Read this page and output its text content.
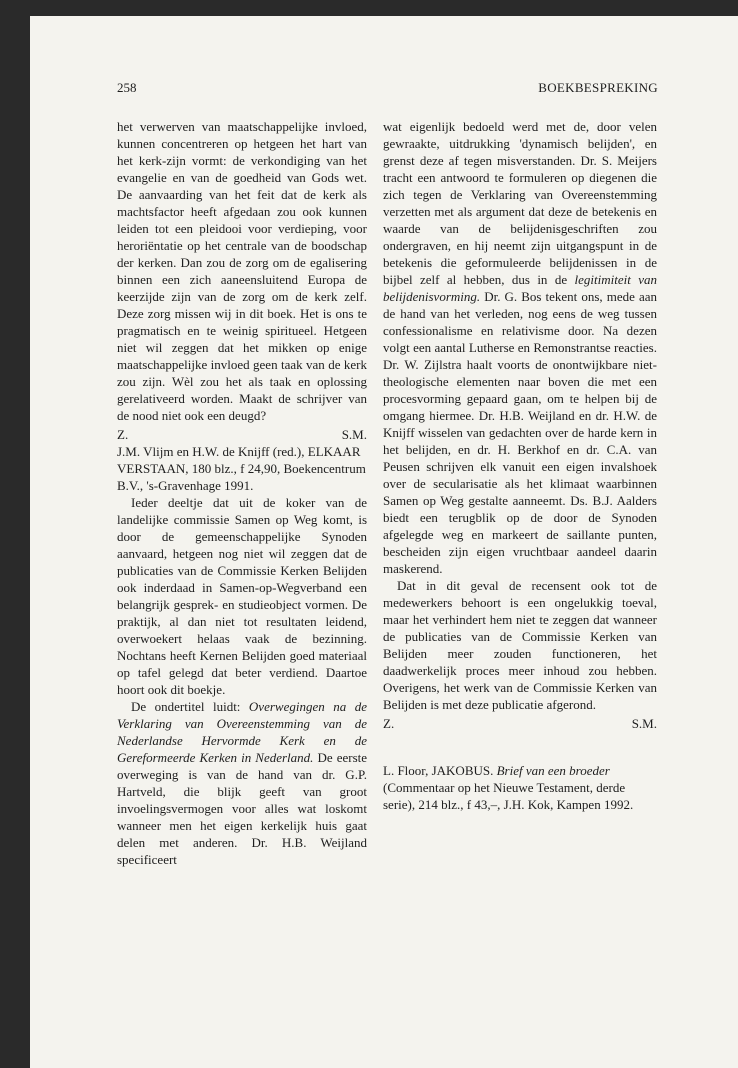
258	BOEKBESPREKING

het verwerven van maatschappelijke invloed, kunnen concentreren op hetgeen het hart van het kerk-zijn vormt: de verkondiging van het evangelie en van de goedheid van Gods wet. De aanvaarding van het feit dat de kerk als machtsfactor heeft afgedaan zou ook kunnen leiden tot een pleidooi voor verdieping, voor heroriëntatie op het centrale van de boodschap der kerken. Dan zou de zorg om de egalisering binnen een zich aaneensluitend Europa de keerzijde zijn van de zorg om de kerk zelf. Deze zorg missen wij in dit boek. Het is ons te pragmatisch en te weinig spiritueel. Hetgeen niet wil zeggen dat het mikken op enige maatschappelijke invloed geen taak van de kerk zou zijn. Wèl zou het als taak en oplossing gerelativeerd worden. Maakt de schrijver van de nood niet ook een deugd?

Z.	S.M.

J.M. Vlijm en H.W. de Knijff (red.), ELKAAR VERSTAAN, 180 blz., f 24,90, Boekencentrum B.V., 's-Gravenhage 1991.

Ieder deeltje dat uit de koker van de landelijke commissie Samen op Weg komt, is door de gemeenschappelijke Synoden aanvaard, hetgeen nog niet wil zeggen dat de publicaties van de Commissie Kerken Belijden ook inderdaad in Samen-op-Wegverband een belangrijk gesprek- en studieobject vormen. De praktijk, al dan niet tot resultaten leidend, overwoekert helaas vaak de bezinning. Nochtans heeft Kernen Belijden goed materiaal op tafel gelegd dat beter verdiend. Daartoe hoort ook dit boekje.

De ondertitel luidt: Overwegingen na de Verklaring van Overeenstemming van de Nederlandse Hervormde Kerk en de Gereformeerde Kerken in Nederland. De eerste overweging is van de hand van dr. G.P. Hartveld, die blijk geeft van groot invoelingsvermogen voor alles wat loskomt wanneer men het eigen kerkelijk huis gaat delen met anderen. Dr. H.B. Weijland specificeert

wat eigenlijk bedoeld werd met de, door velen gewraakte, uitdrukking 'dynamisch belijden', en grenst deze af tegen misverstanden. Dr. S. Meijers tracht een antwoord te formuleren op diegenen die zich tegen de Verklaring van Overeenstemming verzetten met als argument dat deze de betekenis en waarde van de belijdenisgeschriften zou ondergraven, en hij neemt zijn uitgangspunt in de betekenis die geformuleerde belijdenissen in de bijbel zelf al hebben, dus in de legitimiteit van belijdenisvorming. Dr. G. Bos tekent ons, mede aan de hand van het verleden, nog eens de weg tussen confessionalisme en relativisme door. Na dezen volgt een aantal Lutherse en Remonstrantse reacties. Dr. W. Zijlstra haalt voorts de onontwijkbare niet-theologische elementen naar boven die met een procesvorming gepaard gaan, om te helpen bij de omgang hiermee. Dr. H.B. Weijland en dr. H.W. de Knijff wisselen van gedachten over de harde kern in het belijden, en dr. H. Berkhof en dr. C.A. van Peusen schrijven elk vanuit een eigen invalshoek over de secularisatie als het klimaat waarbinnen Samen op Weg gestalte aanneemt. Ds. B.J. Aalders biedt een terugblik op de door de Synoden afgelegde weg en markeert de saillante punten, bescheiden zijn eigen vruchtbaar aandeel daarin maskerend.

Dat in dit geval de recensent ook tot de medewerkers behoort is een ongelukkig toeval, maar het verhindert hem niet te zeggen dat wanneer de publicaties van de Commissie Kerken van Belijden meer zouden functioneren, het daadwerkelijk proces meer inhoud zou hebben. Overigens, het werk van de Commissie Kerken van Belijden is met deze publicatie afgerond.

Z.	S.M.

L. Floor, JAKOBUS. Brief van een broeder (Commentaar op het Nieuwe Testament, derde serie), 214 blz., f 43,–, J.H. Kok, Kampen 1992.
